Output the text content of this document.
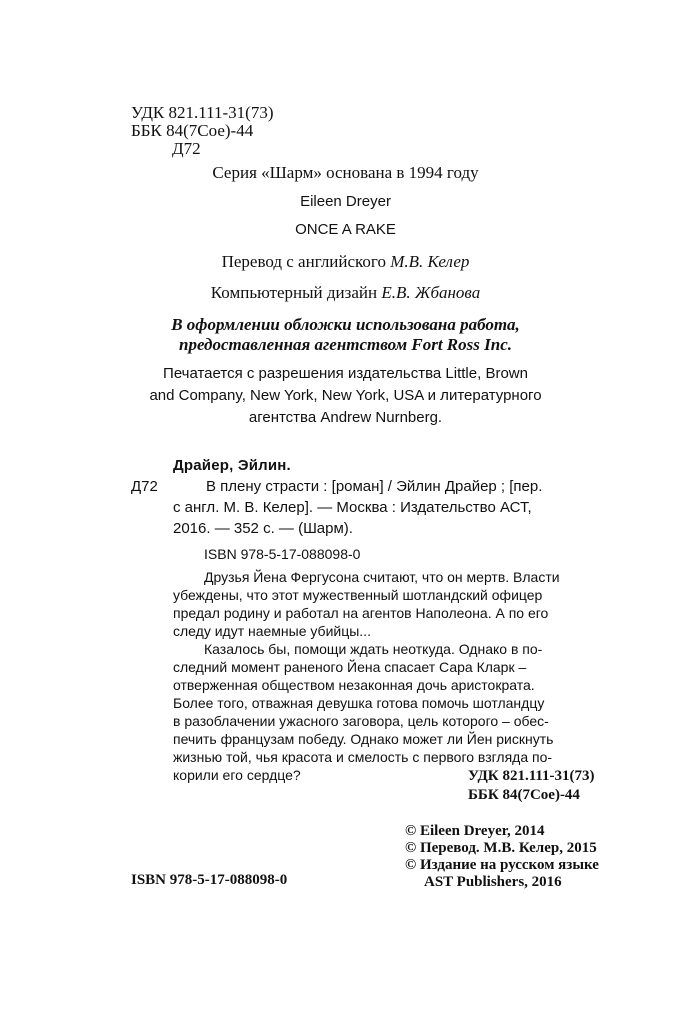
УДК 821.111-31(73)
ББК 84(7Сое)-44
Д72
Серия «Шарм» основана в 1994 году
Eileen Dreyer
ONCE A RAKE
Перевод с английского М.В. Келер
Компьютерный дизайн Е.В. Жбанова
В оформлении обложки использована работа,
предоставленная агентством Fort Ross Inc.
Печатается с разрешения издательства Little, Brown
and Company, New York, New York, USA и литературного
агентства Andrew Nurnberg.
Драйер, Эйлин.
Д72	В плену страсти : [роман] / Эйлин Драйер ; [пер.
с англ. М. В. Келер]. — Москва : Издательство АСТ,
2016. — 352 с. — (Шарм).
ISBN 978-5-17-088098-0
Друзья Йена Фергусона считают, что он мертв. Власти
убеждены, что этот мужественный шотландский офицер
предал родину и работал на агентов Наполеона. А по его
следу идут наемные убийцы...
Казалось бы, помощи ждать неоткуда. Однако в по-
следний момент раненого Йена спасает Сара Кларк –
отверженная обществом незаконная дочь аристократа.
Более того, отважная девушка готова помочь шотландцу
в разоблачении ужасного заговора, цель которого – обес-
печить французам победу. Однако может ли Йен рискнуть
жизнью той, чья красота и смелость с первого взгляда по-
корили его сердце?	УДК 821.111-31(73)
ББК 84(7Сое)-44
© Eileen Dreyer, 2014
© Перевод. М.В. Келер, 2015
© Издание на русском языке
AST Publishers, 2016
ISBN 978-5-17-088098-0
